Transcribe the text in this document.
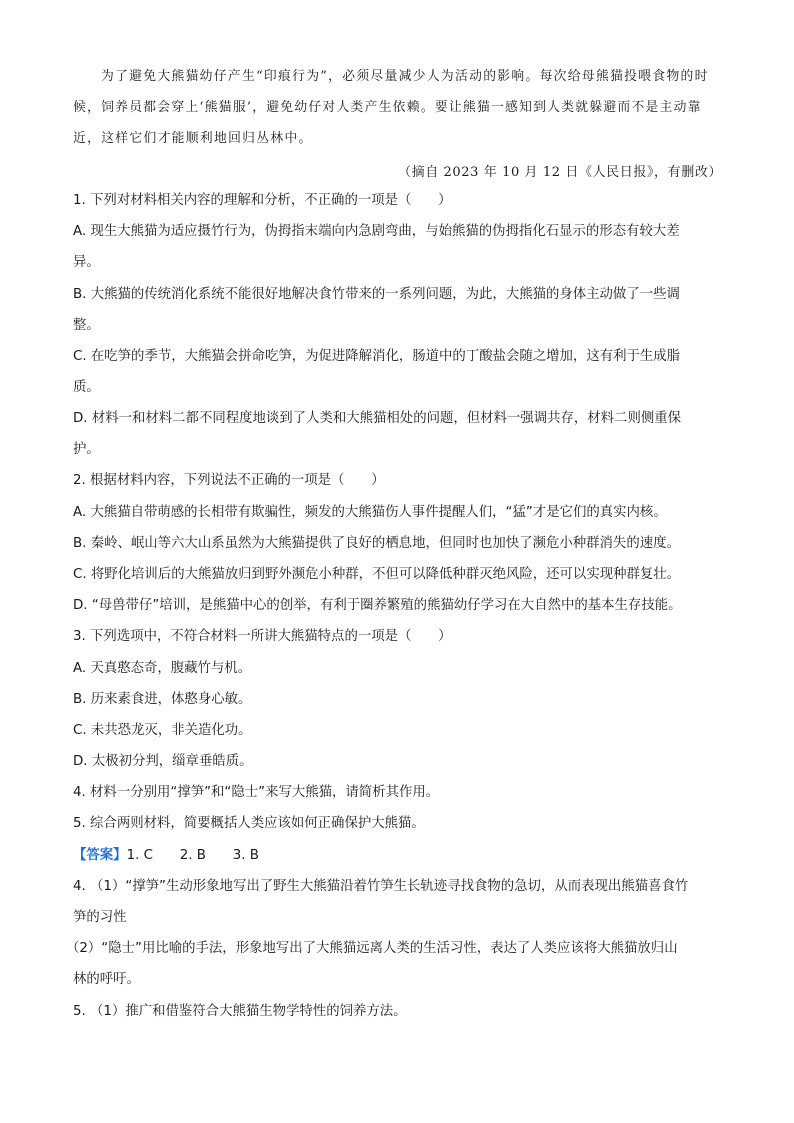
为了避免大熊猫幼仔产生“印痕行为”，必须尽量减少人为活动的影响。每次给母熊猫投喂食物的时
候，饲养员都会穿上‘熊猫服’，避免幼仔对人类产生依赖。要让熊猫一感知到人类就躲避而不是主动靠
近，这样它们才能顺利地回归丛林中。
（摘自 2023 年 10 月 12 日《人民日报》，有删改）
1. 下列对材料相关内容的理解和分析，不正确的一项是（　　）
A. 现生大熊猫为适应摄竹行为，伪拇指末端向内急剧弯曲，与始熊猫的伪拇指化石显示的形态有较大差
异。
B. 大熊猫的传统消化系统不能很好地解决食竹带来的一系列问题，为此，大熊猫的身体主动做了一些调
整。
C. 在吃笋的季节，大熊猫会拼命吃笋，为促进降解消化，肠道中的丁酸盐会随之增加，这有利于生成脂
质。
D. 材料一和材料二都不同程度地谈到了人类和大熊猫相处的问题，但材料一强调共存，材料二则侧重保
护。
2. 根据材料内容，下列说法不正确的一项是（　　）
A. 大熊猫自带萌感的长相带有欺骗性，频发的大熊猫伤人事件提醒人们，“猛”才是它们的真实内核。
B. 秦岭、岷山等六大山系虽然为大熊猫提供了良好的栖息地，但同时也加快了濒危小种群消失的速度。
C. 将野化培训后的大熊猫放归到野外濒危小种群，不但可以降低种群灭绝风险，还可以实现种群复壮。
D. “母兽带仔”培训，是熊猫中心的创举，有利于圈养繁殖的熊猫幼仔学习在大自然中的基本生存技能。
3. 下列选项中，不符合材料一所讲大熊猫特点的一项是（　　）
A. 天真憨态奇，腹藏竹与机。
B. 历来素食进，体憨身心敏。
C. 未共恐龙灭，非关造化功。
D. 太极初分判，缁章垂皓质。
4. 材料一分别用“撑笋”和“隐士”来写大熊猫，请简析其作用。
5. 综合两则材料，简要概括人类应该如何正确保护大熊猫。
【答案】1. C　　2. B　　3. B
4. （1）“撑笋”生动形象地写出了野生大熊猫沿着竹笋生长轨迹寻找食物的急切，从而表现出熊猫喜食竹
笋的习性
（2）“隐士”用比喻的手法，形象地写出了大熊猫远离人类的生活习性，表达了人类应该将大熊猫放归山
林的呼吁。
5. （1）推广和借鉴符合大熊猫生物学特性的饲养方法。
